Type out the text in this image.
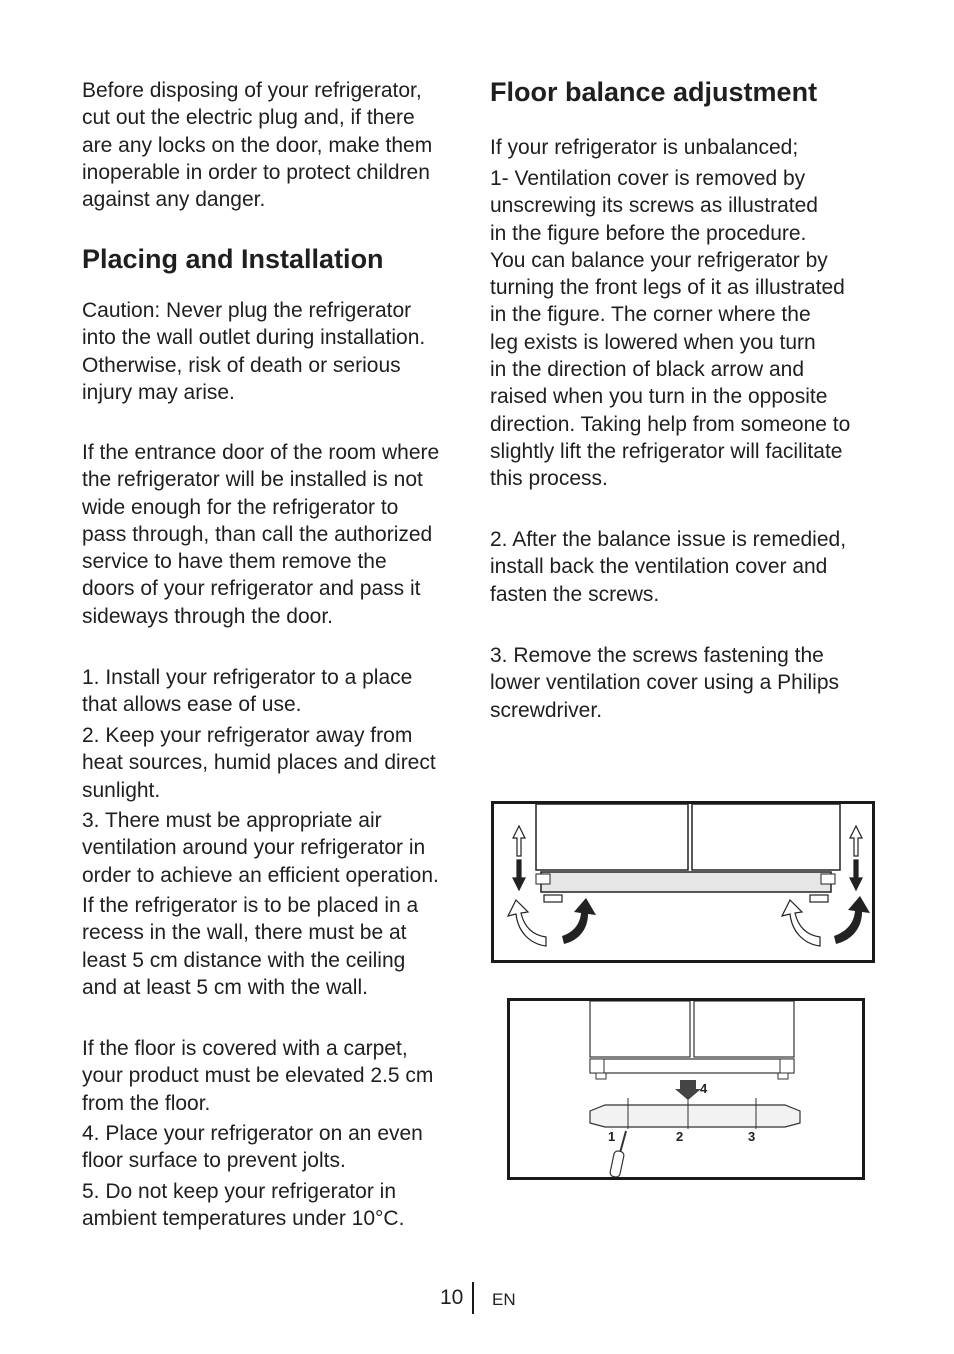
Before disposing of your refrigerator,
cut out the electric plug and, if there
are any locks on the door, make them
inoperable in order to protect children
against any danger.

Placing and Installation

Caution: Never plug the refrigerator
into the wall outlet during installation.
Otherwise, risk of death or serious
injury may arise.

If the entrance door of the room where
the refrigerator will be installed is not
wide enough for the refrigerator to
pass through, than call the authorized
service to have them remove the
doors of your refrigerator and pass it
sideways through the door.

1. Install your refrigerator to a place
that allows ease of use.

2. Keep your refrigerator away from
heat sources, humid places and direct
sunlight.

3. There must be appropriate air
ventilation around your refrigerator in
order to achieve an efficient operation.

If the refrigerator is to be placed in a
recess in the wall, there must be at
least 5 cm distance with the ceiling
and at least 5 cm with the wall.

If the floor is covered with a carpet,
your product must be elevated 2.5 cm
from the floor.

4. Place your refrigerator on an even
floor surface to prevent jolts.

5. Do not keep your refrigerator in
ambient temperatures under 10°C.

Floor balance adjustment

If your refrigerator is unbalanced;

1- Ventilation cover is removed by
unscrewing its screws as illustrated
in the figure before the procedure.
You can balance your refrigerator by
turning the front legs of it as illustrated
in the figure. The corner where the
leg exists is lowered when you turn
in the direction of black arrow and
raised when you turn in the opposite
direction. Taking help from someone to
slightly lift the refrigerator will facilitate
this process.

2. After the balance issue is remedied,
install back the ventilation cover and
fasten the screws.

3. Remove the screws fastening the
lower ventilation cover using a Philips
screwdriver.

4
1	2	3
10 EN
